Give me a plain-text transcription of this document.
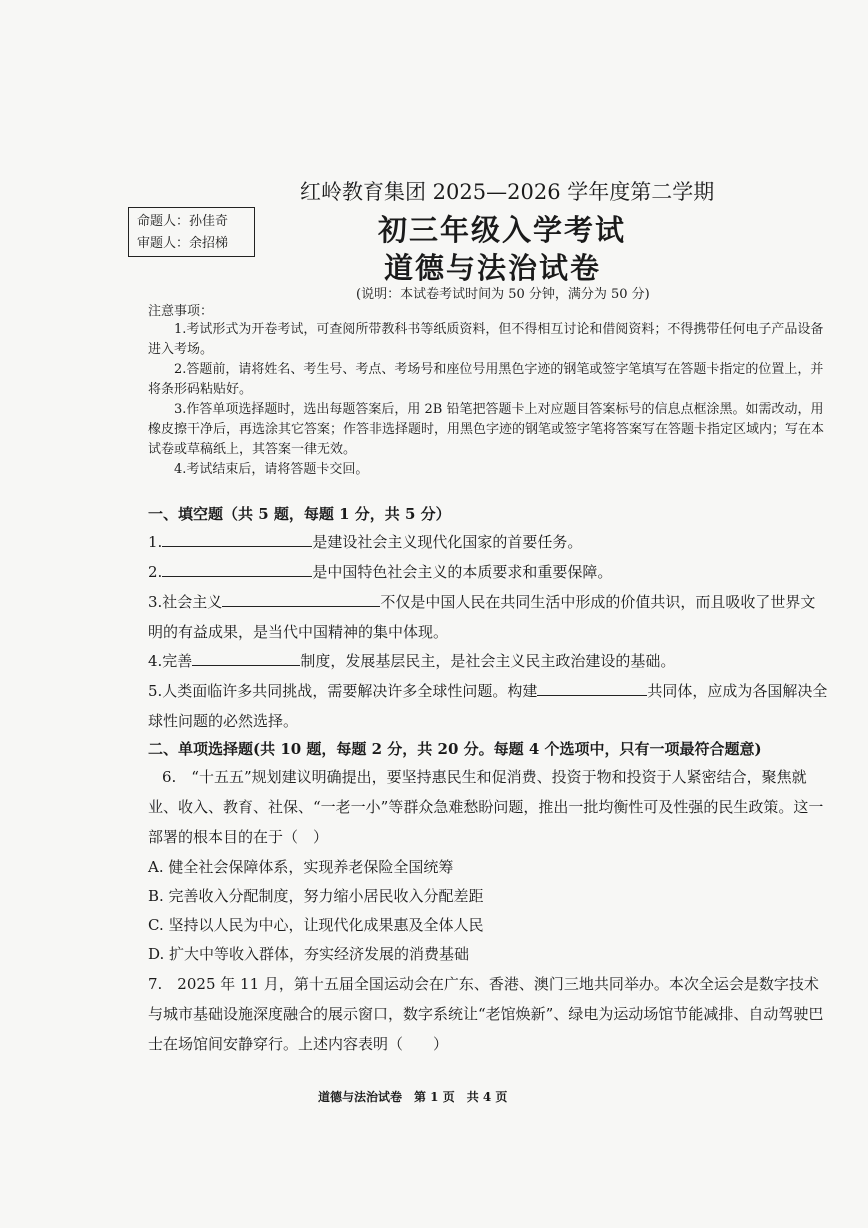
红岭教育集团 2025—2026 学年度第二学期
命题人：孙佳奇
审题人：余招梯	初三年级入学考试
道德与法治试卷
(说明：本试卷考试时间为 50 分钟，满分为 50 分)
注意事项：
1.考试形式为开卷考试，可查阅所带教科书等纸质资料，但不得相互讨论和借阅资料；不得携带任何电子产品设备进入考场。
2.答题前，请将姓名、考生号、考点、考场号和座位号用黑色字迹的钢笔或签字笔填写在答题卡指定的位置上，并将条形码粘贴好。
3.作答单项选择题时，选出每题答案后，用 2B 铅笔把答题卡上对应题目答案标号的信息点框涂黑。如需改动，用橡皮擦干净后，再选涂其它答案；作答非选择题时，用黑色字迹的钢笔或签字笔将答案写在答题卡指定区域内；写在本试卷或草稿纸上，其答案一律无效。
4.考试结束后，请将答题卡交回。
一、填空题（共 5 题，每题 1 分，共 5 分）
1.	是建设社会主义现代化国家的首要任务。
2.	是中国特色社会主义的本质要求和重要保障。
3.社会主义	不仅是中国人民在共同生活中形成的价值共识，而且吸收了世界文明的有益成果，是当代中国精神的集中体现。
4.完善	制度，发展基层民主，是社会主义民主政治建设的基础。
5.人类面临许多共同挑战，需要解决许多全球性问题。构建	共同体，应成为各国解决全球性问题的必然选择。
二、单项选择题(共 10 题，每题 2 分，共 20 分。每题 4 个选项中，只有一项最符合题意)
6.　“十五五”规划建议明确提出，要坚持惠民生和促消费、投资于物和投资于人紧密结合，聚焦就业、收入、教育、社保、“一老一小”等群众急难愁盼问题，推出一批均衡性可及性强的民生政策。这一部署的根本目的在于（　）
A. 健全社会保障体系，实现养老保险全国统筹
B. 完善收入分配制度，努力缩小居民收入分配差距
C. 坚持以人民为中心，让现代化成果惠及全体人民
D. 扩大中等收入群体，夯实经济发展的消费基础
7.　2025 年 11 月，第十五届全国运动会在广东、香港、澳门三地共同举办。本次全运会是数字技术与城市基础设施深度融合的展示窗口，数字系统让“老馆焕新”、绿电为运动场馆节能减排、自动驾驶巴士在场馆间安静穿行。上述内容表明（　　）
道德与法治试卷　第 1 页　共 4 页
